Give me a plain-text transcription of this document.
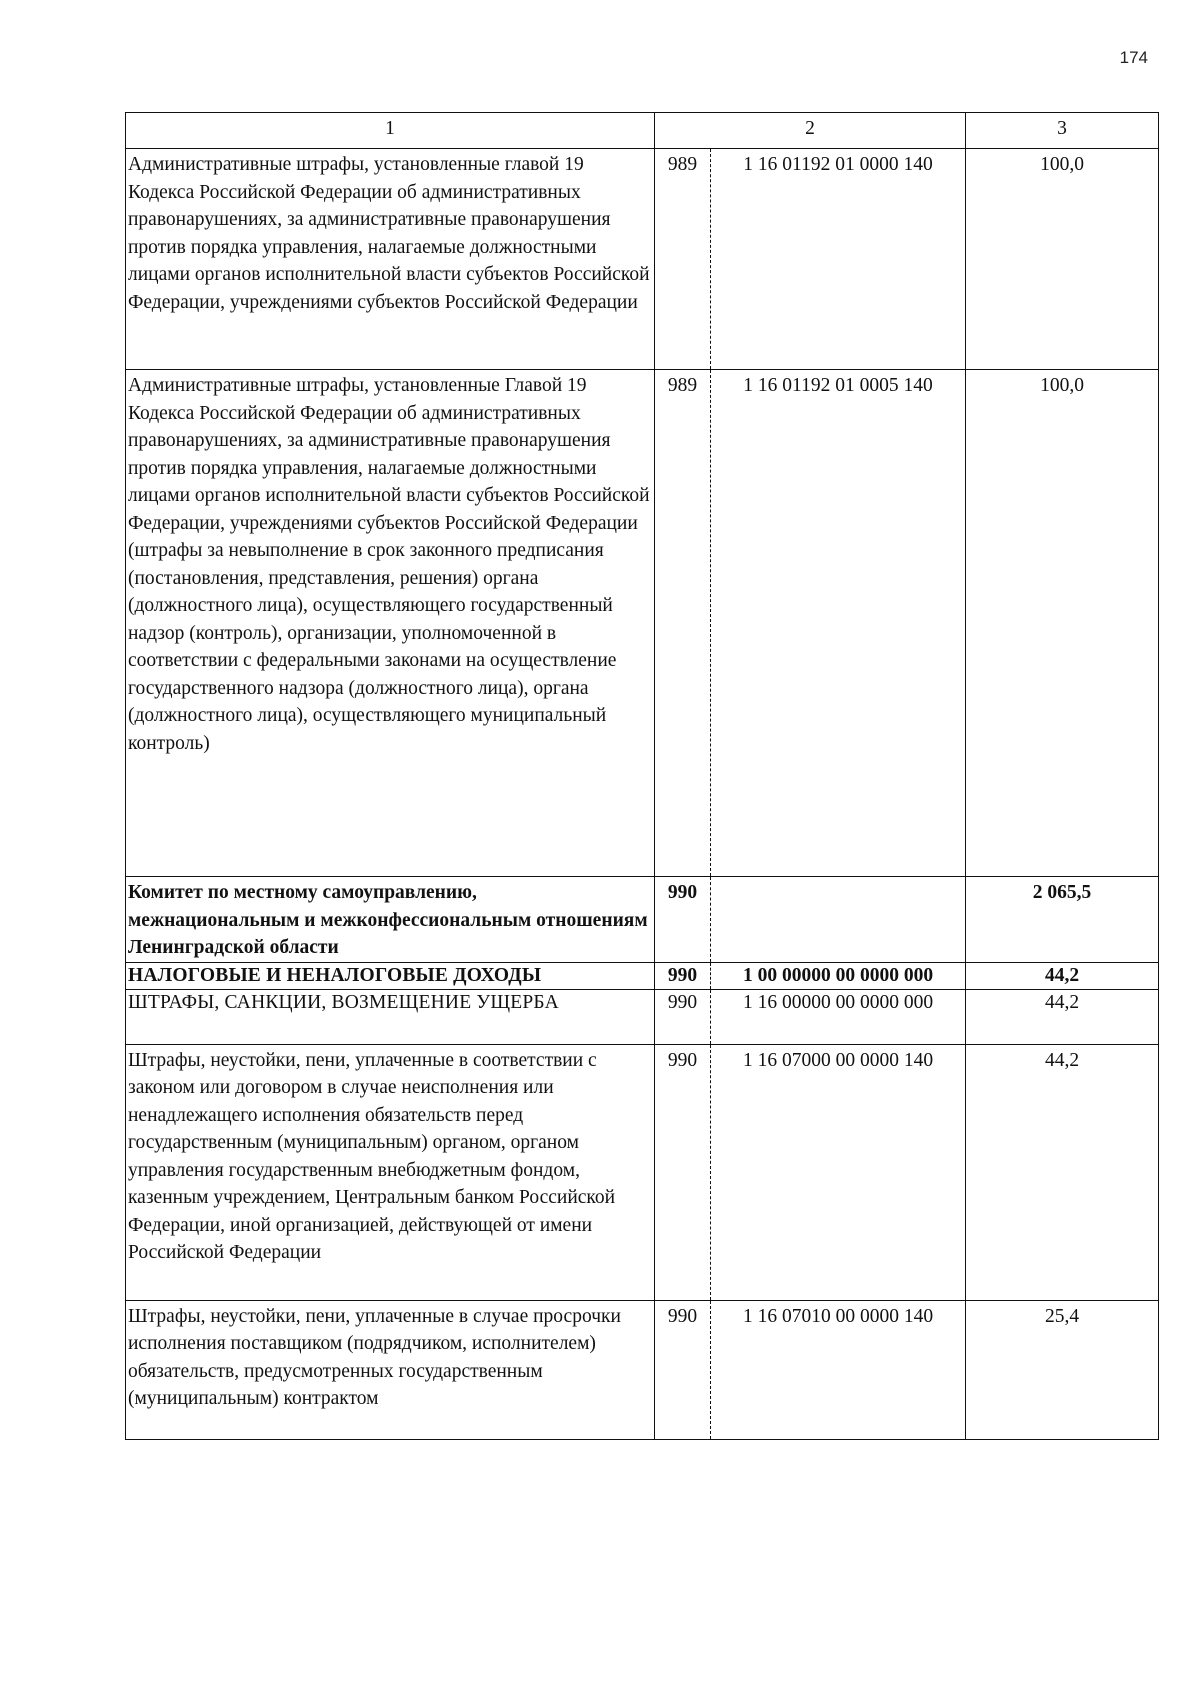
174
1	2		3

Административные штрафы, установленные главой 19 Кодекса Российской Федерации об административных правонарушениях, за административные правонарушения против порядка управления, налагаемые должностными лицами органов исполнительной власти субъектов Российской Федерации, учреждениями субъектов Российской Федерации	989	1 16 01192 01 0000 140	100,0

Административные штрафы, установленные Главой 19 Кодекса Российской Федерации об административных правонарушениях, за административные правонарушения против порядка управления, налагаемые должностными лицами органов исполнительной власти субъектов Российской Федерации, учреждениями субъектов Российской Федерации (штрафы за невыполнение в срок законного предписания (постановления, представления, решения) органа (должностного лица), осуществляющего государственный надзор (контроль), организации, уполномоченной в соответствии с федеральными законами на осуществление государственного надзора (должностного лица), органа (должностного лица), осуществляющего муниципальный контроль)	989	1 16 01192 01 0005 140	100,0

Комитет по местному самоуправлению, межнациональным и межконфессиональным отношениям Ленинградской области	990		2 065,5

НАЛОГОВЫЕ И НЕНАЛОГОВЫЕ ДОХОДЫ	990	1 00 00000 00 0000 000	44,2
ШТРАФЫ, САНКЦИИ, ВОЗМЕЩЕНИЕ УЩЕРБА	990	1 16 00000 00 0000 000	44,2

Штрафы, неустойки, пени, уплаченные в соответствии с законом или договором в случае неисполнения или ненадлежащего исполнения обязательств перед государственным (муниципальным) органом, органом управления государственным внебюджетным фондом, казенным учреждением, Центральным банком Российской Федерации, иной организацией, действующей от имени Российской Федерации	990	1 16 07000 00 0000 140	44,2

Штрафы, неустойки, пени, уплаченные в случае просрочки исполнения поставщиком (подрядчиком, исполнителем) обязательств, предусмотренных государственным (муниципальным) контрактом	990	1 16 07010 00 0000 140	25,4
